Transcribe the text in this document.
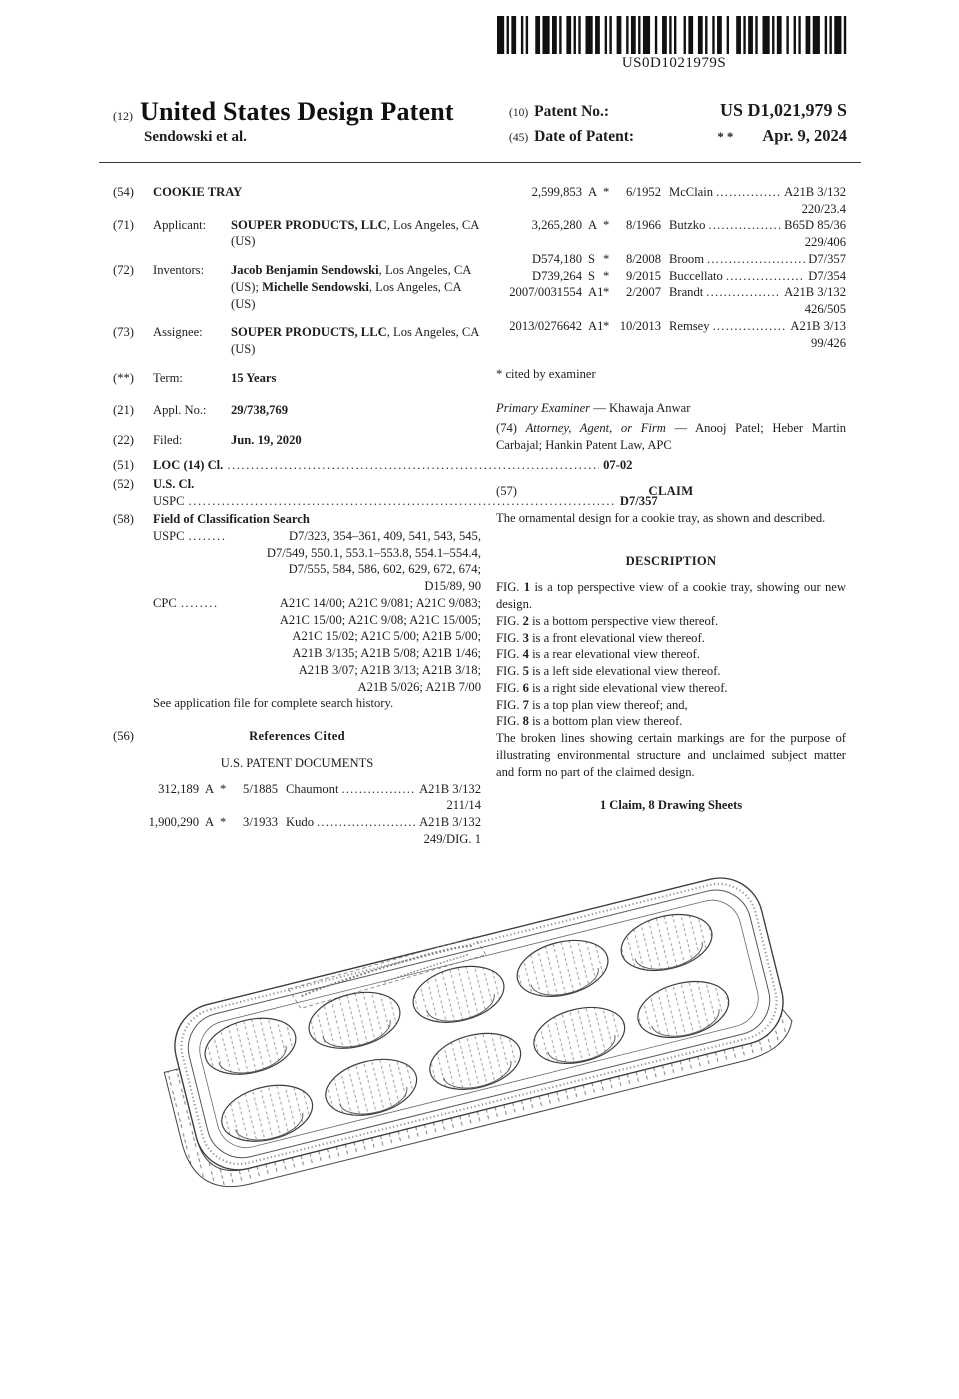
US0D1021979S
(12) United States Design Patent
Sendowski et al.
(10) Patent No.:	US D1,021,979 S
(45) Date of Patent:	** Apr. 9, 2024
(54)	COOKIE TRAY
(71)	Applicant:	SOUPER PRODUCTS, LLC, Los Angeles, CA (US)
(72)	Inventors:	Jacob Benjamin Sendowski, Los Angeles, CA (US); Michelle Sendowski, Los Angeles, CA (US)
(73)	Assignee:	SOUPER PRODUCTS, LLC, Los Angeles, CA (US)
(**)	Term:	15 Years
(21)	Appl. No.:	29/738,769
(22)	Filed:	Jun. 19, 2020
(51)	LOC (14) Cl. .....	07-02
(52)	U.S. Cl.
USPC .....	D7/357
(58)	Field of Classification Search
USPC .....	D7/323, 354–361, 409, 541, 543, 545,
D7/549, 550.1, 553.1–553.8, 554.1–554.4,
D7/555, 584, 586, 602, 629, 672, 674;
D15/89, 90
CPC .....	A21C 14/00; A21C 9/081; A21C 9/083;
A21C 15/00; A21C 9/08; A21C 15/005;
A21C 15/02; A21C 5/00; A21B 5/00;
A21B 3/135; A21B 5/08; A21B 1/46;
A21B 3/07; A21B 3/13; A21B 3/18;
A21B 5/026; A21B 7/00
See application file for complete search history.
(56)	References Cited
U.S. PATENT DOCUMENTS
312,189 A *	5/1885 Chaumont .....	A21B 3/132
211/14
1,900,290 A *	3/1933 Kudo .....	A21B 3/132
249/DIG. 1
2,599,853 A *	6/1952 McClain .....	A21B 3/132
220/23.4
3,265,280 A *	8/1966 Butzko .....	B65D 85/36
229/406
D574,180 S *	8/2008 Broom .....	D7/357
D739,264 S *	9/2015 Buccellato .....	D7/354
2007/0031554 A1 *	2/2007 Brandt .....	A21B 3/132
426/505
2013/0276642 A1 * 10/2013 Remsey .....	A21B 3/13
99/426
* cited by examiner
Primary Examiner — Khawaja Anwar
(74) Attorney, Agent, or Firm — Anooj Patel; Heber Martin Carbajal; Hankin Patent Law, APC
(57)	CLAIM
The ornamental design for a cookie tray, as shown and described.
DESCRIPTION
FIG. 1 is a top perspective view of a cookie tray, showing our new design.
FIG. 2 is a bottom perspective view thereof.
FIG. 3 is a front elevational view thereof.
FIG. 4 is a rear elevational view thereof.
FIG. 5 is a left side elevational view thereof.
FIG. 6 is a right side elevational view thereof.
FIG. 7 is a top plan view thereof; and,
FIG. 8 is a bottom plan view thereof.
The broken lines showing certain markings are for the purpose of illustrating environmental structure and unclaimed subject matter and form no part of the claimed design.
1 Claim, 8 Drawing Sheets
